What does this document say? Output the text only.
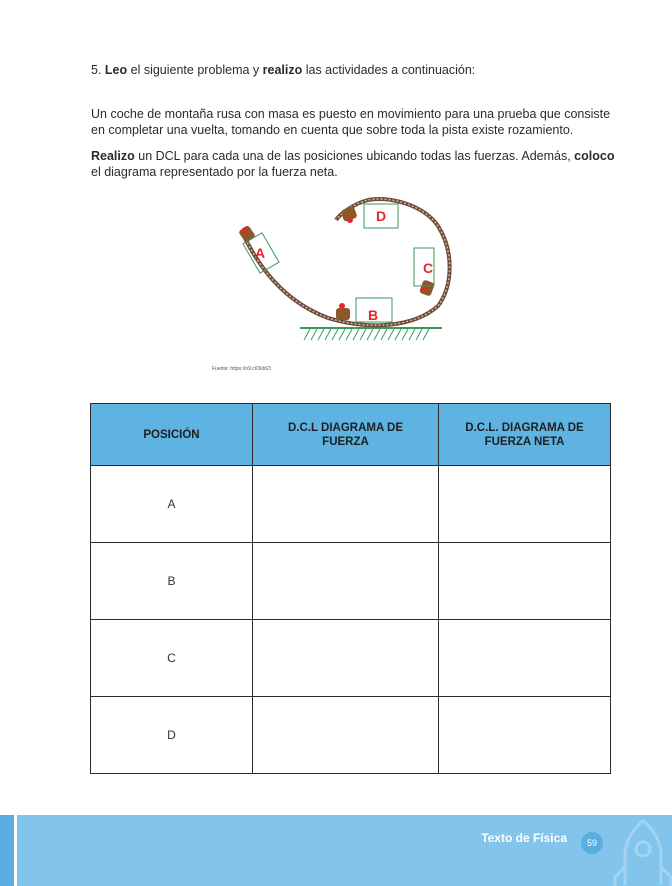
5. Leo el siguiente problema y realizo las actividades a continuación:

Un coche de montaña rusa con masa es puesto en movimiento para una prueba que consiste en completar una vuelta, tomando en cuenta que sobre toda la pista existe rozamiento.

Realizo un DCL para cada una de las posiciones ubicando todas las fuerzas. Además, coloco el diagrama representado por la fuerza neta.

A
B
C
D
Fuente: https://n9.cl/3kb63
POSICIÓN	D.C.L DIAGRAMA DE FUERZA	D.C.L. DIAGRAMA DE FUERZA NETA
A		
B		
C		
D		
Texto de Física	59
